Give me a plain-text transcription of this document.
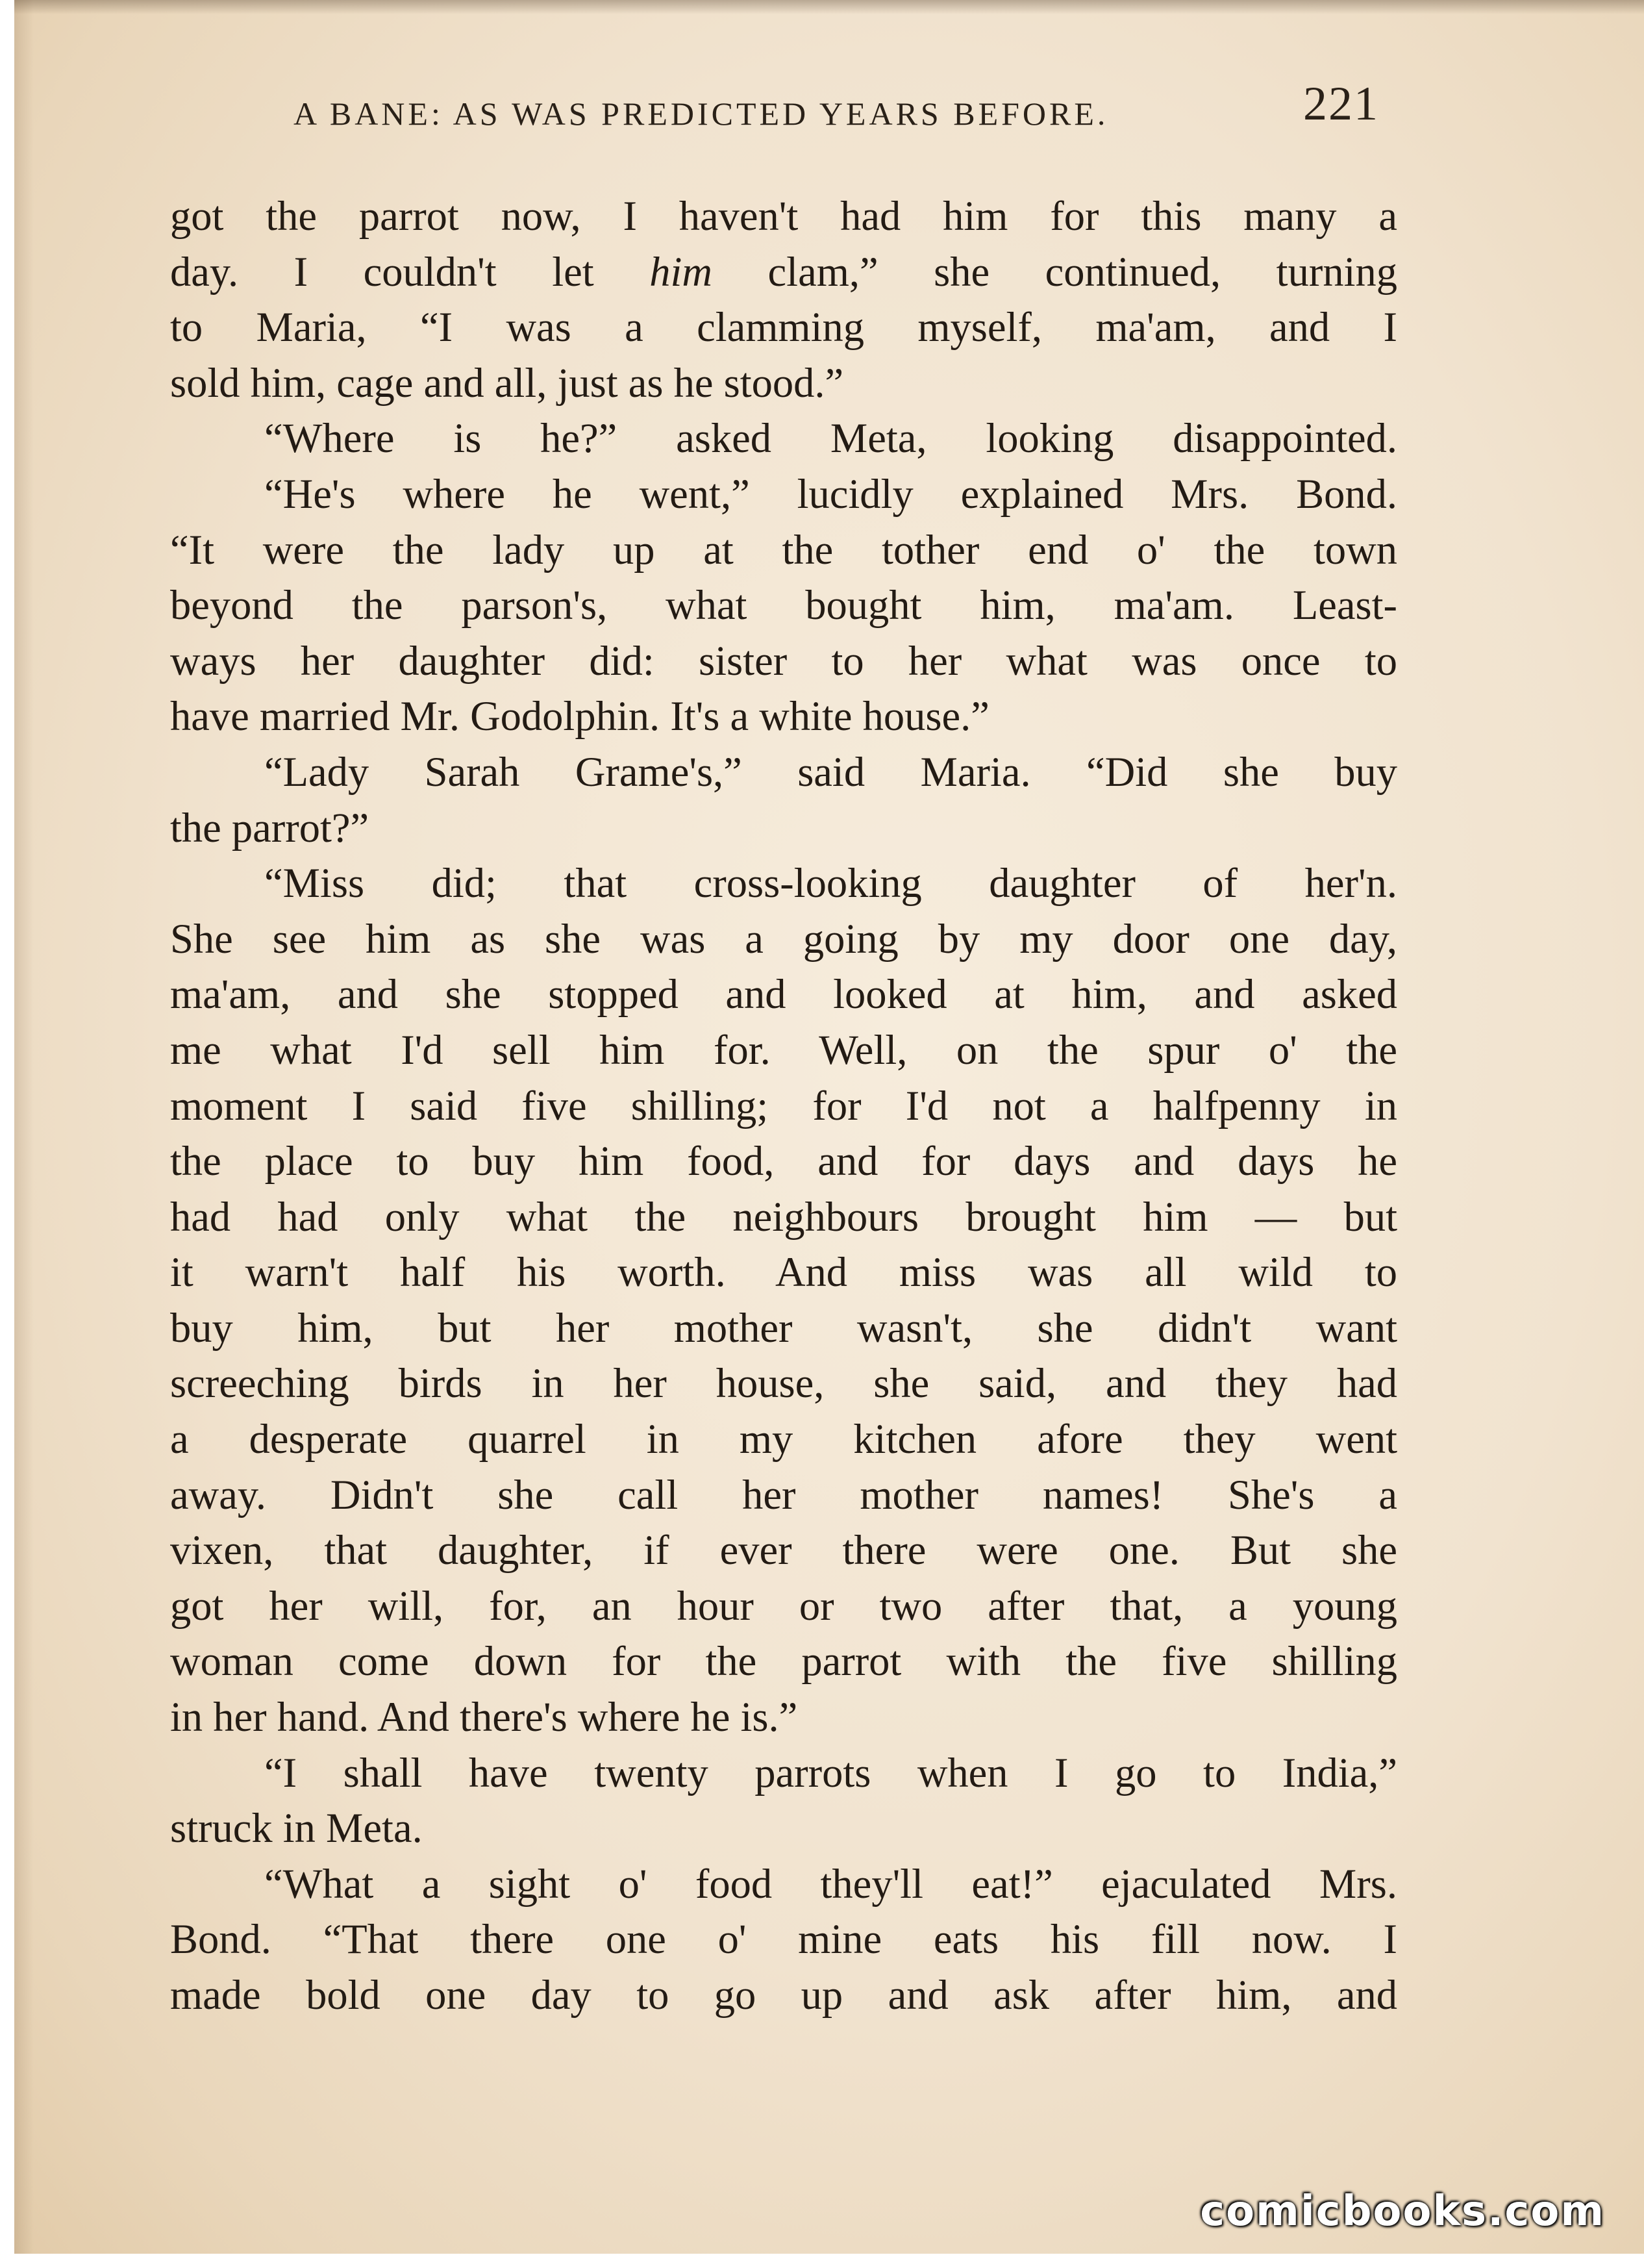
A BANE: AS WAS PREDICTED YEARS BEFORE.	221
got the parrot now, I haven't had him for this many a
day. I couldn't let him clam,” she continued, turning
to Maria, “I was a clamming myself, ma'am, and I
sold him, cage and all, just as he stood.”
“Where is he?” asked Meta, looking disappointed.
“He's where he went,” lucidly explained Mrs. Bond.
“It were the lady up at the tother end o' the town
beyond the parson's, what bought him, ma'am. Least-
ways her daughter did: sister to her what was once to
have married Mr. Godolphin. It's a white house.”
“Lady Sarah Grame's,” said Maria. “Did she buy
the parrot?”
“Miss did; that cross-looking daughter of her'n.
She see him as she was a going by my door one day,
ma'am, and she stopped and looked at him, and asked
me what I'd sell him for. Well, on the spur o' the
moment I said five shilling; for I'd not a halfpenny in
the place to buy him food, and for days and days he
had had only what the neighbours brought him — but
it warn't half his worth. And miss was all wild to
buy him, but her mother wasn't, she didn't want
screeching birds in her house, she said, and they had
a desperate quarrel in my kitchen afore they went
away. Didn't she call her mother names! She's a
vixen, that daughter, if ever there were one. But she
got her will, for, an hour or two after that, a young
woman come down for the parrot with the five shilling
in her hand. And there's where he is.”
“I shall have twenty parrots when I go to India,”
struck in Meta.
“What a sight o' food they'll eat!” ejaculated Mrs.
Bond. “That there one o' mine eats his fill now. I
made bold one day to go up and ask after him, and
comicbooks.com
